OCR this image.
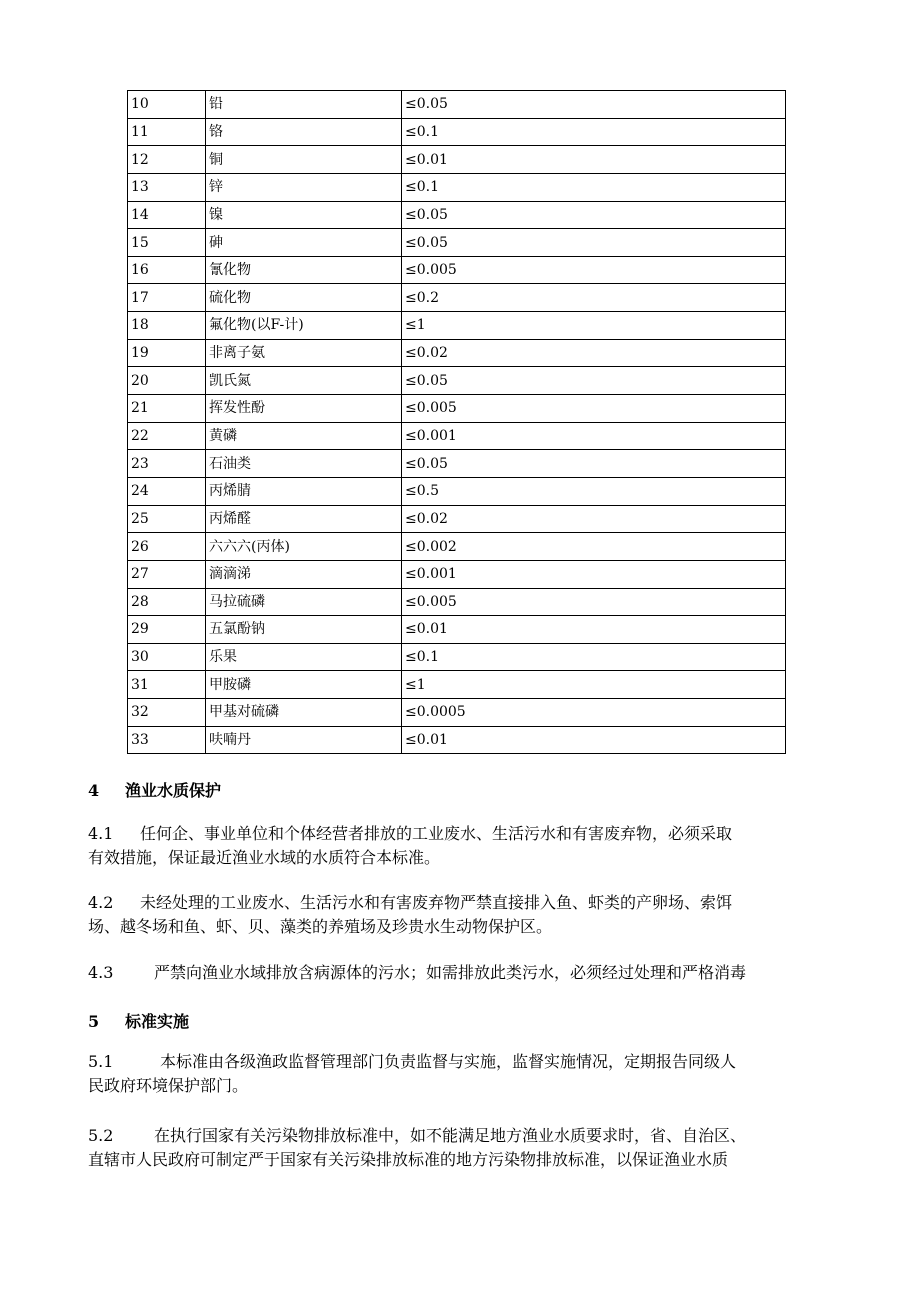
10	铅	≤0.05
11	铬	≤0.1
12	铜	≤0.01
13	锌	≤0.1
14	镍	≤0.05
15	砷	≤0.05
16	氰化物	≤0.005
17	硫化物	≤0.2
18	氟化物(以F-计)	≤1
19	非离子氨	≤0.02
20	凯氏氮	≤0.05
21	挥发性酚	≤0.005
22	黄磷	≤0.001
23	石油类	≤0.05
24	丙烯腈	≤0.5
25	丙烯醛	≤0.02
26	六六六(丙体)	≤0.002
27	滴滴涕	≤0.001
28	马拉硫磷	≤0.005
29	五氯酚钠	≤0.01
30	乐果	≤0.1
31	甲胺磷	≤1
32	甲基对硫磷	≤0.0005
33	呋喃丹	≤0.01
4 渔业水质保护
4.1 任何企、事业单位和个体经营者排放的工业废水、生活污水和有害废弃物，必须采取
有效措施，保证最近渔业水域的水质符合本标准。
4.2 未经处理的工业废水、生活污水和有害废弃物严禁直接排入鱼、虾类的产卵场、索饵
场、越冬场和鱼、虾、贝、藻类的养殖场及珍贵水生动物保护区。
4.3	严禁向渔业水域排放含病源体的污水；如需排放此类污水，必须经过处理和严格消毒
5 标准实施
5.1	本标准由各级渔政监督管理部门负责监督与实施，监督实施情况，定期报告同级人
民政府环境保护部门。
5.2	在执行国家有关污染物排放标准中，如不能满足地方渔业水质要求时，省、自治区、
直辖市人民政府可制定严于国家有关污染排放标准的地方污染物排放标准，以保证渔业水质
